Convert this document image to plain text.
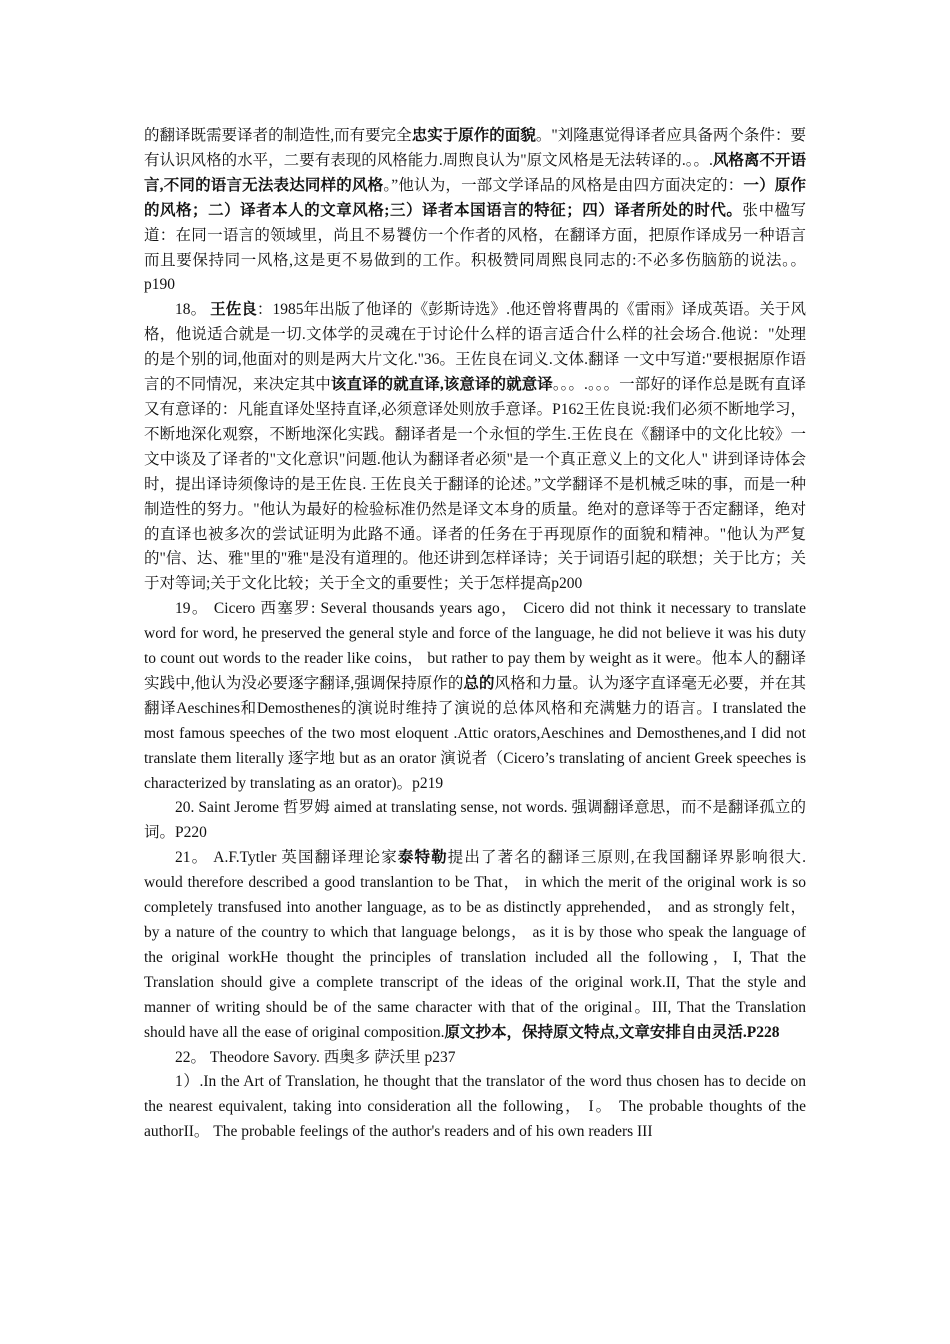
的翻译既需要译者的制造性,而有要完全忠实于原作的面貌。"刘隆惠觉得译者应具备两个条件：要有认识风格的水平，二要有表现的风格能力.周煦良认为"原文风格是无法转译的.。。.风格离不开语言,不同的语言无法表达同样的风格。”他认为，一部文学译品的风格是由四方面决定的：一）原作的风格；二）译者本人的文章风格;三）译者本国语言的特征；四）译者所处的时代。张中楹写道：在同一语言的领域里，尚且不易饕仿一个作者的风格，在翻译方面，把原作译成另一种语言而且要保持同一风格,这是更不易做到的工作。积极赞同周熙良同志的:不必多伤脑筋的说法。。p190

18。 王佐良：1985年出版了他译的《彭斯诗选》.他还曾将曹禺的《雷雨》译成英语。关于风格，他说适合就是一切.文体学的灵魂在于讨论什么样的语言适合什么样的社会场合.他说："处理的是个别的词,他面对的则是两大片文化."36。王佐良在词义.文体.翻译 一文中写道:"要根据原作语言的不同情况，来决定其中该直译的就直译,该意译的就意译。。。.。。。一部好的译作总是既有直译又有意译的：凡能直译处坚持直译,必须意译处则放手意译。P162王佐良说:我们必须不断地学习，不断地深化观察，不断地深化实践。翻译者是一个永恒的学生.王佐良在《翻译中的文化比较》一文中谈及了译者的"文化意识"问题.他认为翻译者必须"是一个真正意义上的文化人" 讲到译诗体会时，提出译诗须像诗的是王佐良. 王佐良关于翻译的论述。”文学翻译不是机械乏味的事，而是一种制造性的努力。"他认为最好的检验标准仍然是译文本身的质量。绝对的意译等于否定翻译，绝对的直译也被多次的尝试证明为此路不通。译者的任务在于再现原作的面貌和精神。"他认为严复的"信、达、雅"里的"雅"是没有道理的。他还讲到怎样译诗；关于词语引起的联想；关于比方；关于对等词;关于文化比较；关于全文的重要性；关于怎样提高p200

19。 Cicero 西塞罗: Several thousands years ago， Cicero did not think it necessary to translate word for word, he preserved the general style and force of the language, he did not believe it was his duty to count out words to the reader like coins， but rather to pay them by weight as it were。他本人的翻译实践中,他认为没必要逐字翻译,强调保持原作的总的风格和力量。认为逐字直译毫无必要，并在其翻译Aeschines和Demosthenes的演说时维持了演说的总体风格和充满魅力的语言。I translated the most famous speeches of the two most eloquent .Attic orators,Aeschines and Demosthenes,and I did not translate them literally 逐字地 but as an orator 演说者（Cicero’s translating of ancient Greek speeches is characterized by translating as an orator)。p219

20. Saint Jerome 哲罗姆 aimed at translating sense, not words. 强调翻译意思，而不是翻译孤立的词。P220

21。 A.F.Tytler 英国翻译理论家泰特勒提出了著名的翻译三原则,在我国翻译界影响很大. would therefore described a good translantion to be That， in which the merit of the original work is so completely transfused into another language, as to be as distinctly apprehended， and as strongly felt， by a nature of the country to which that language belongs， as it is by those who speak the language of the original workHe thought the principles of translation included all the following，I, That the Translation should give a complete transcript of the ideas of the original work.II, That the style and manner of writing should be of the same character with that of the original。III, That the Translation should have all the ease of original composition.原文抄本，保持原文特点,文章安排自由灵活.P228

22。 Theodore Savory. 西奥多 萨沃里 p237

1）.In the Art of Translation, he thought that the translator of the word thus chosen has to decide on the nearest equivalent, taking into consideration all the following， I。 The probable thoughts of the authorII。 The probable feelings of the author's readers and of his own readers III
